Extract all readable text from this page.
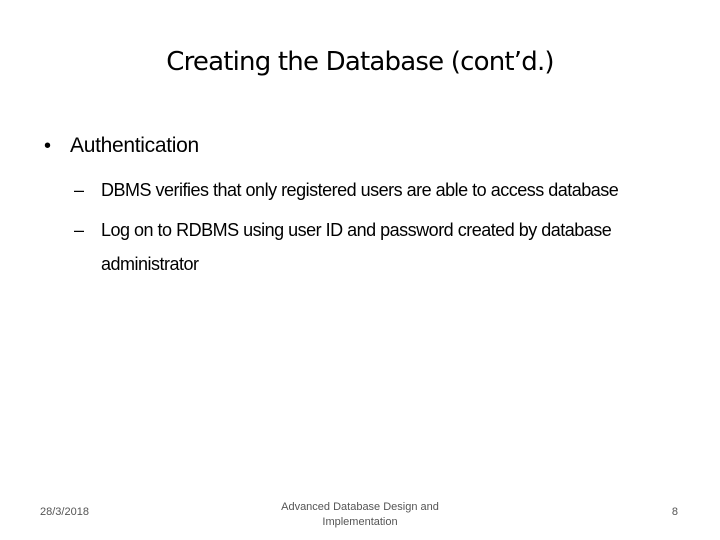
Creating the Database (cont’d.)
• Authentication
– DBMS verifies that only registered users are able to access database
– Log on to RDBMS using user ID and password created by database administrator
28/3/2018	Advanced Database Design and Implementation
8
